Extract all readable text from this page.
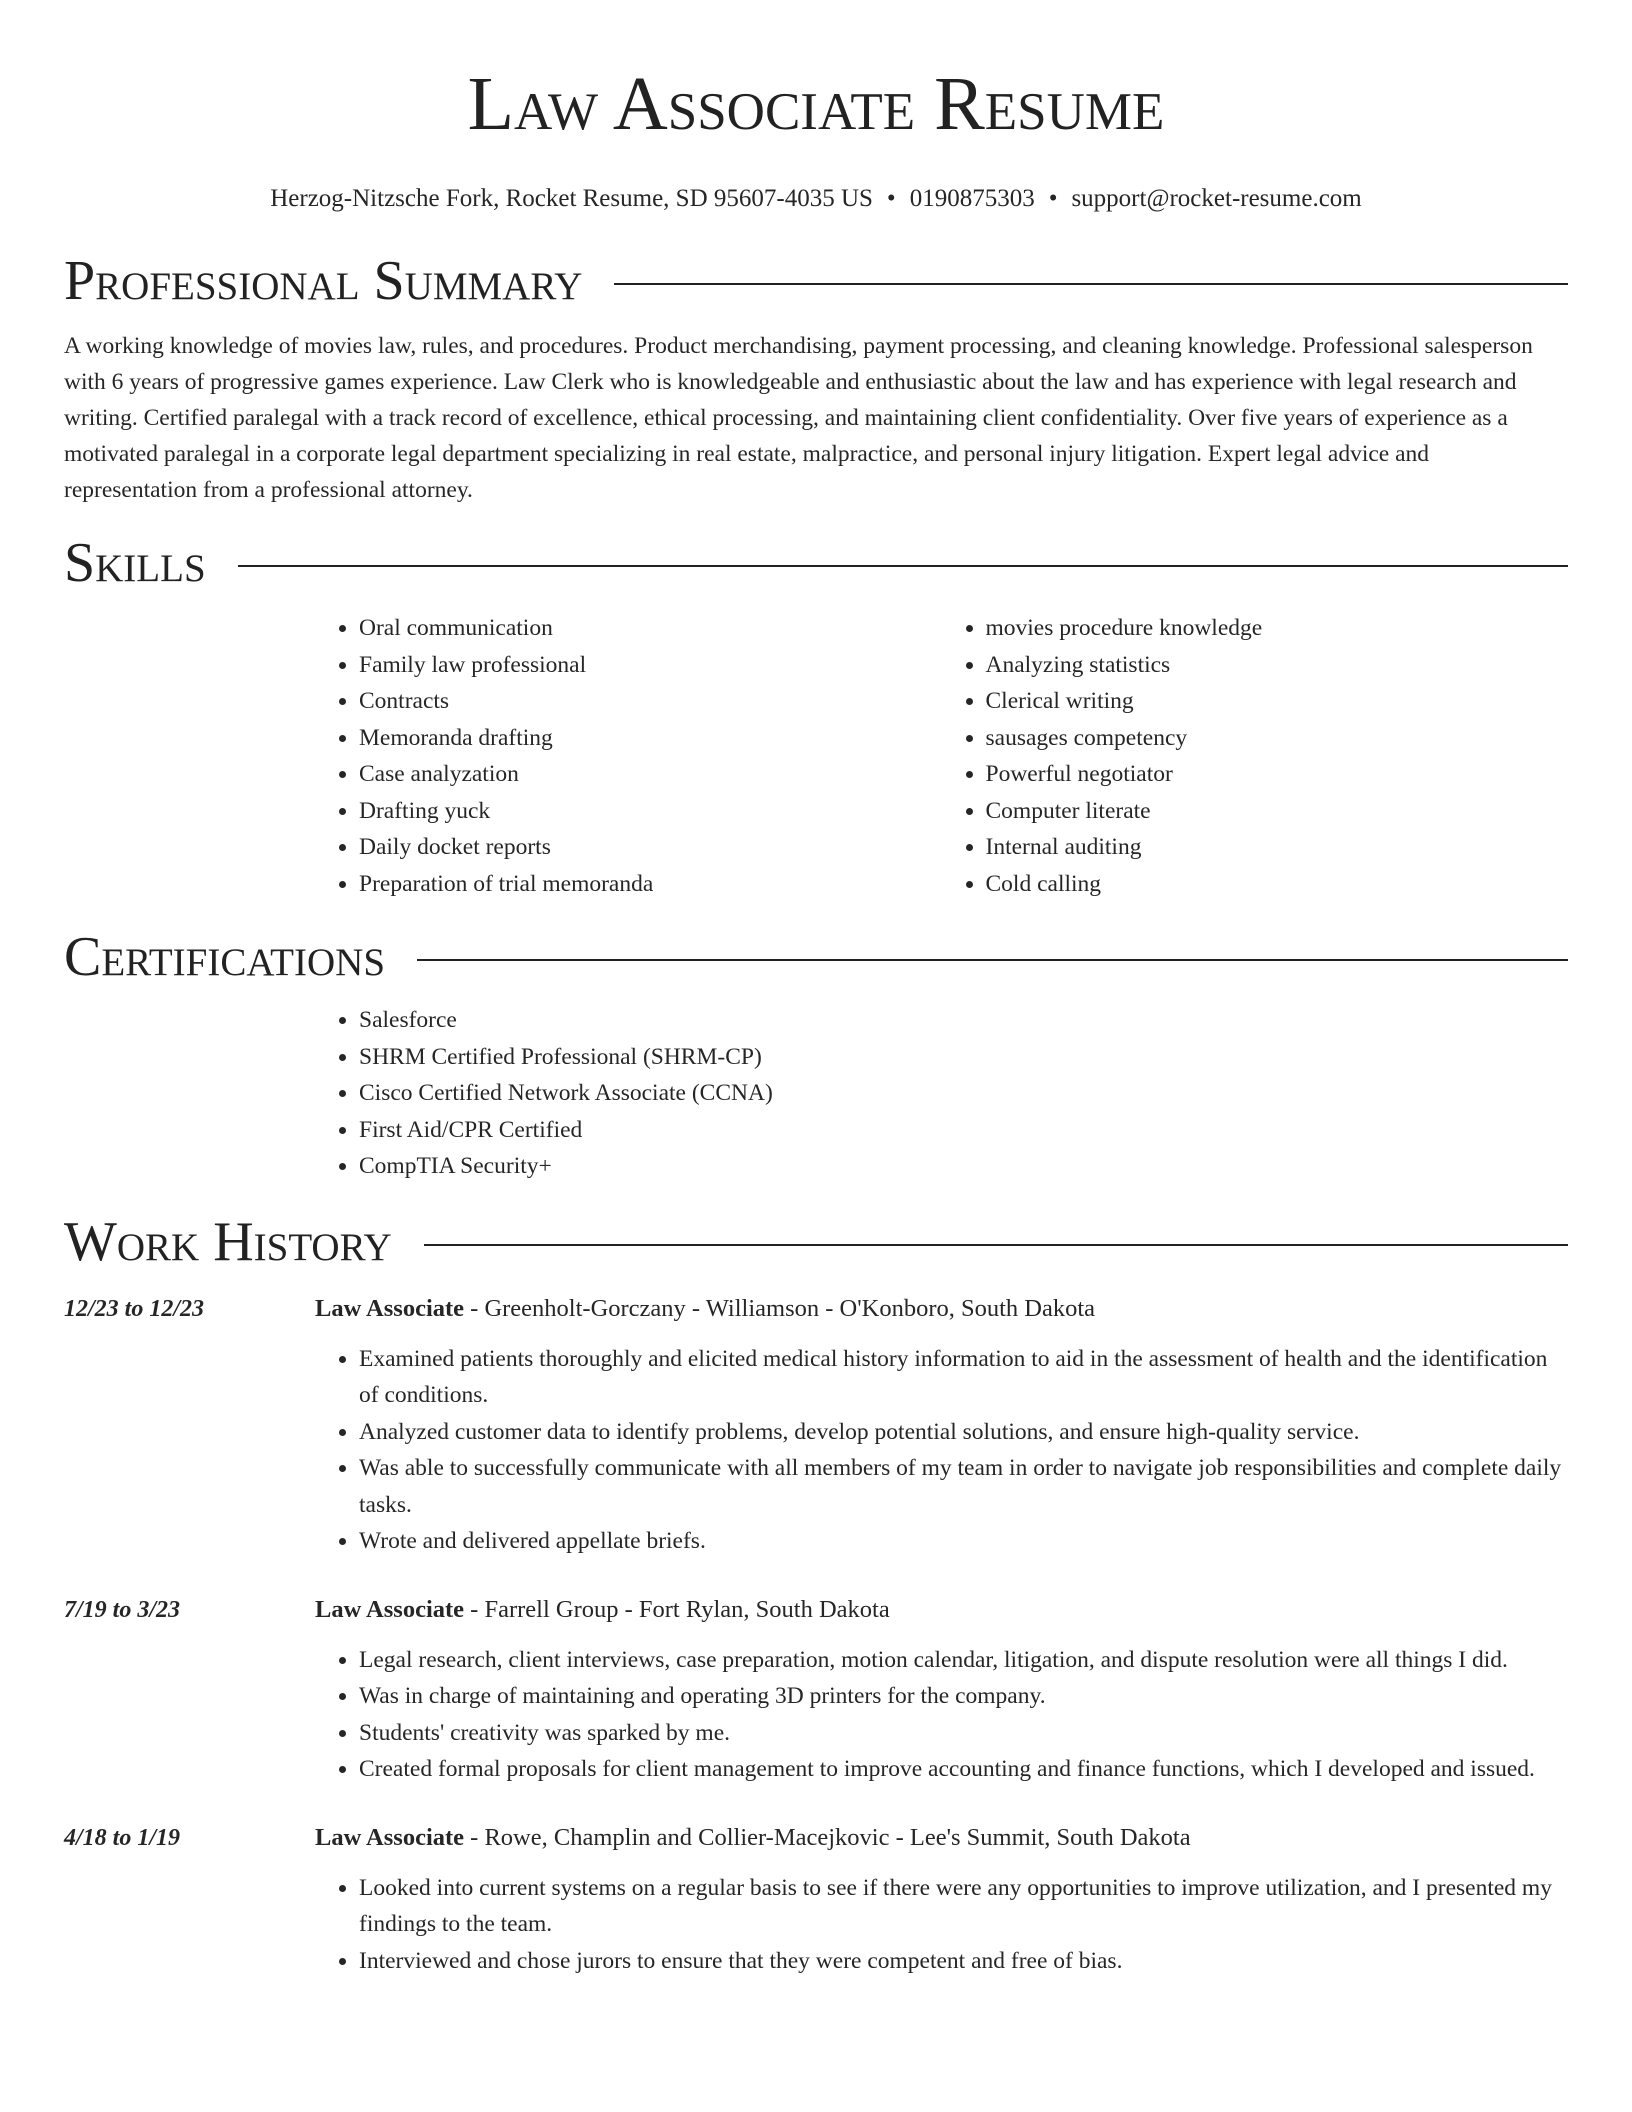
Law Associate Resume
Herzog-Nitzsche Fork, Rocket Resume, SD 95607-4035 US • 0190875303 • support@rocket-resume.com
Professional Summary

A working knowledge of movies law, rules, and procedures. Product merchandising, payment processing, and cleaning knowledge. Professional salesperson with 6 years of progressive games experience. Law Clerk who is knowledgeable and enthusiastic about the law and has experience with legal research and writing. Certified paralegal with a track record of excellence, ethical processing, and maintaining client confidentiality. Over five years of experience as a motivated paralegal in a corporate legal department specializing in real estate, malpractice, and personal injury litigation. Expert legal advice and representation from a professional attorney.

Skills
• Oral communication
• Family law professional
• Contracts
• Memoranda drafting
• Case analyzation
• Drafting yuck
• Daily docket reports
• Preparation of trial memoranda
• movies procedure knowledge
• Analyzing statistics
• Clerical writing
• sausages competency
• Powerful negotiator
• Computer literate
• Internal auditing
• Cold calling
Certifications
• Salesforce
• SHRM Certified Professional (SHRM-CP)
• Cisco Certified Network Associate (CCNA)
• First Aid/CPR Certified
• CompTIA Security+
Work History
12/23 to 12/23	Law Associate - Greenholt-Gorczany - Williamson - O'Konboro, South Dakota
• Examined patients thoroughly and elicited medical history information to aid in the assessment of health and the identification of conditions.
• Analyzed customer data to identify problems, develop potential solutions, and ensure high-quality service.
• Was able to successfully communicate with all members of my team in order to navigate job responsibilities and complete daily tasks.
• Wrote and delivered appellate briefs.
7/19 to 3/23	Law Associate - Farrell Group - Fort Rylan, South Dakota
• Legal research, client interviews, case preparation, motion calendar, litigation, and dispute resolution were all things I did.
• Was in charge of maintaining and operating 3D printers for the company.
• Students' creativity was sparked by me.
• Created formal proposals for client management to improve accounting and finance functions, which I developed and issued.
4/18 to 1/19	Law Associate - Rowe, Champlin and Collier-Macejkovic - Lee's Summit, South Dakota
• Looked into current systems on a regular basis to see if there were any opportunities to improve utilization, and I presented my findings to the team.
• Interviewed and chose jurors to ensure that they were competent and free of bias.
